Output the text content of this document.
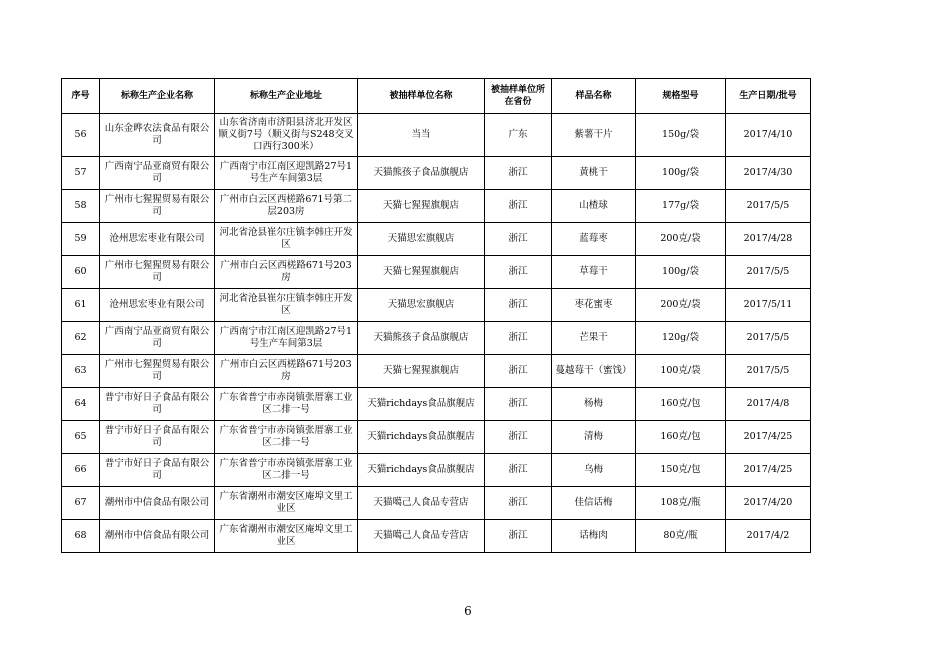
序号	标称生产企业名称	标称生产企业地址	被抽样单位名称	被抽样单位所在省份	样品名称	规格型号	生产日期/批号
56	山东金晔农法食品有限公司	山东省济南市济阳县济北开发区顺义街7号（顺义街与S248交叉口西行300米）	当当	广东	紫薯干片	150g/袋	2017/4/10
57	广西南宁品亚商贸有限公司	广西南宁市江南区迎凯路27号1号生产车间第3层	天猫熊孩子食品旗舰店	浙江	黄桃干	100g/袋	2017/4/30
58	广州市七猩猩贸易有限公司	广州市白云区西槎路671号第二层203房	天猫七猩猩旗舰店	浙江	山楂球	177g/袋	2017/5/5
59	沧州思宏枣业有限公司	河北省沧县崔尔庄镇李韩庄开发区	天猫思宏旗舰店	浙江	蓝莓枣	200克/袋	2017/4/28
60	广州市七猩猩贸易有限公司	广州市白云区西槎路671号203房	天猫七猩猩旗舰店	浙江	草莓干	100g/袋	2017/5/5
61	沧州思宏枣业有限公司	河北省沧县崔尔庄镇李韩庄开发区	天猫思宏旗舰店	浙江	枣花蜜枣	200克/袋	2017/5/11
62	广西南宁品亚商贸有限公司	广西南宁市江南区迎凯路27号1号生产车间第3层	天猫熊孩子食品旗舰店	浙江	芒果干	120g/袋	2017/5/5
63	广州市七猩猩贸易有限公司	广州市白云区西槎路671号203房	天猫七猩猩旗舰店	浙江	蔓越莓干（蜜饯）	100克/袋	2017/5/5
64	普宁市好日子食品有限公司	广东省普宁市赤岗镇张厝寨工业区二排一号	天猫richdays食品旗舰店	浙江	杨梅	160克/包	2017/4/8
65	普宁市好日子食品有限公司	广东省普宁市赤岗镇张厝寨工业区二排一号	天猫richdays食品旗舰店	浙江	清梅	160克/包	2017/4/25
66	普宁市好日子食品有限公司	广东省普宁市赤岗镇张厝寨工业区二排一号	天猫richdays食品旗舰店	浙江	乌梅	150克/包	2017/4/25
67	潮州市中信食品有限公司	广东省潮州市潮安区庵埠文里工业区	天猫噶己人食品专营店	浙江	佳信话梅	108克/瓶	2017/4/20
68	潮州市中信食品有限公司	广东省潮州市潮安区庵埠文里工业区	天猫噶己人食品专营店	浙江	话梅肉	80克/瓶	2017/4/2
6
